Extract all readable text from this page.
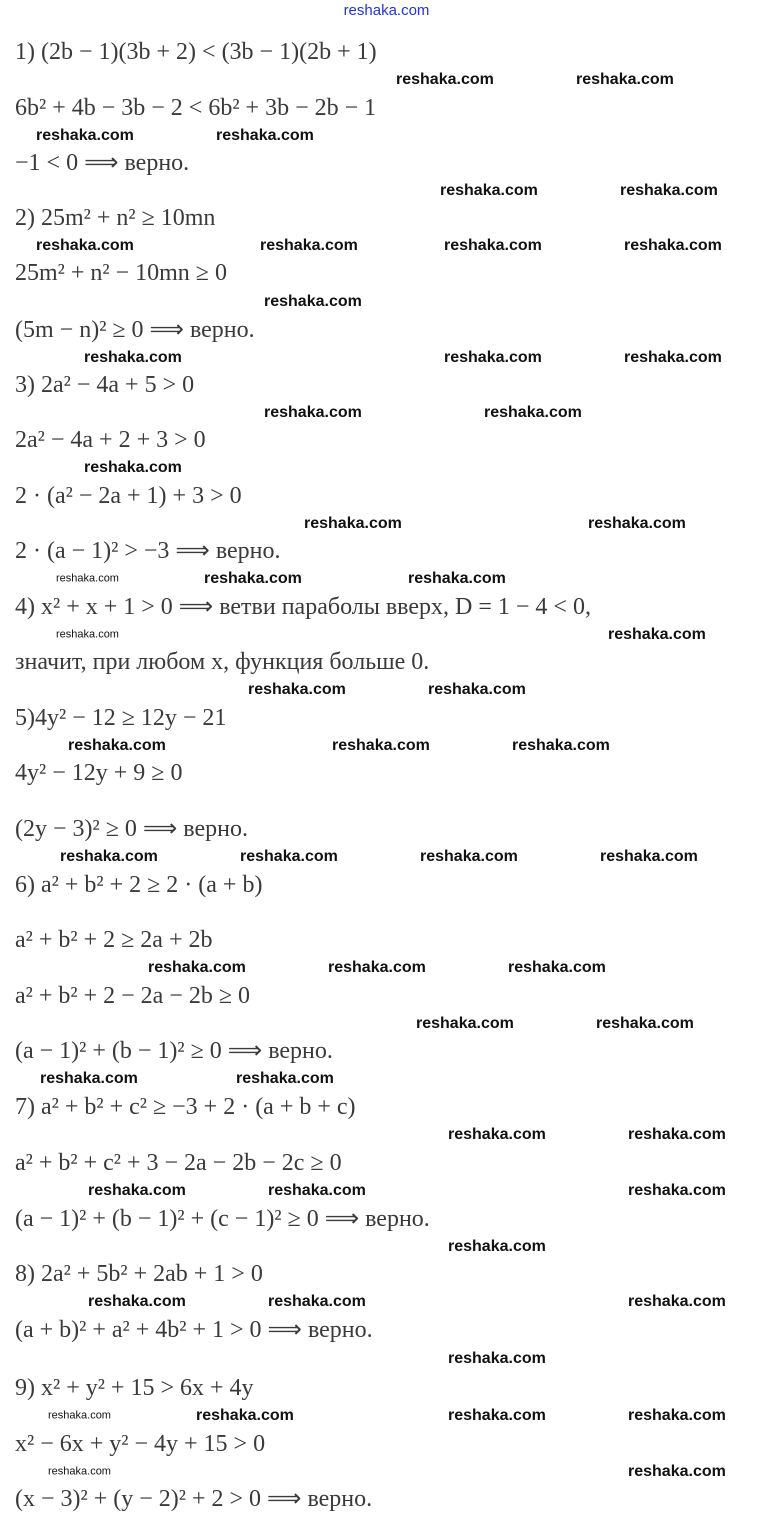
reshaka.com
1) (2b − 1)(3b + 2) < (3b − 1)(2b + 1)
6b² + 4b − 3b − 2 < 6b² + 3b − 2b − 1
−1 < 0 ⟹ верно.
2) 25m² + n² ≥ 10mn
25m² + n² − 10mn ≥ 0
(5m − n)² ≥ 0 ⟹ верно.
3) 2a² − 4a + 5 > 0
2a² − 4a + 2 + 3 > 0
2 · (a² − 2a + 1) + 3 > 0
2 · (a − 1)² > −3 ⟹ верно.
4) x² + x + 1 > 0 ⟹ ветви параболы вверх, D = 1 − 4 < 0,
значит, при любом x, функция больше 0.
5)4y² − 12 ≥ 12y − 21
4y² − 12y + 9 ≥ 0
(2y − 3)² ≥ 0 ⟹ верно.
6) a² + b² + 2 ≥ 2 · (a + b)
a² + b² + 2 ≥ 2a + 2b
a² + b² + 2 − 2a − 2b ≥ 0
(a − 1)² + (b − 1)² ≥ 0 ⟹ верно.
7) a² + b² + c² ≥ −3 + 2 · (a + b + c)
a² + b² + c² + 3 − 2a − 2b − 2c ≥ 0
(a − 1)² + (b − 1)² + (c − 1)² ≥ 0 ⟹ верно.
8) 2a² + 5b² + 2ab + 1 > 0
(a + b)² + a² + 4b² + 1 > 0 ⟹ верно.
9) x² + y² + 15 > 6x + 4y
x² − 6x + y² − 4y + 15 > 0
(x − 3)² + (y − 2)² + 2 > 0 ⟹ верно.
reshaka.com	reshaka.com
reshaka.com	reshaka.com
reshaka.com	reshaka.com
reshaka.com
reshaka.com	reshaka.com	reshaka.com
reshaka.com
reshaka.com	reshaka.com
reshaka.com
reshaka.com	reshaka.com
reshaka.com
reshaka.com	reshaka.com
reshaka.com	reshaka.com	reshaka.com
reshaka.com
reshaka.com
reshaka.com	reshaka.com
reshaka.com	reshaka.com	reshaka.com
reshaka.com	reshaka.com	reshaka.com	reshaka.com
reshaka.com	reshaka.com	reshaka.com
reshaka.com	reshaka.com
reshaka.com	reshaka.com
reshaka.com	reshaka.com
reshaka.com	reshaka.com	reshaka.com
reshaka.com
reshaka.com	reshaka.com	reshaka.com
reshaka.com
reshaka.com
reshaka.com	reshaka.com	reshaka.com
reshaka.com	reshaka.com
